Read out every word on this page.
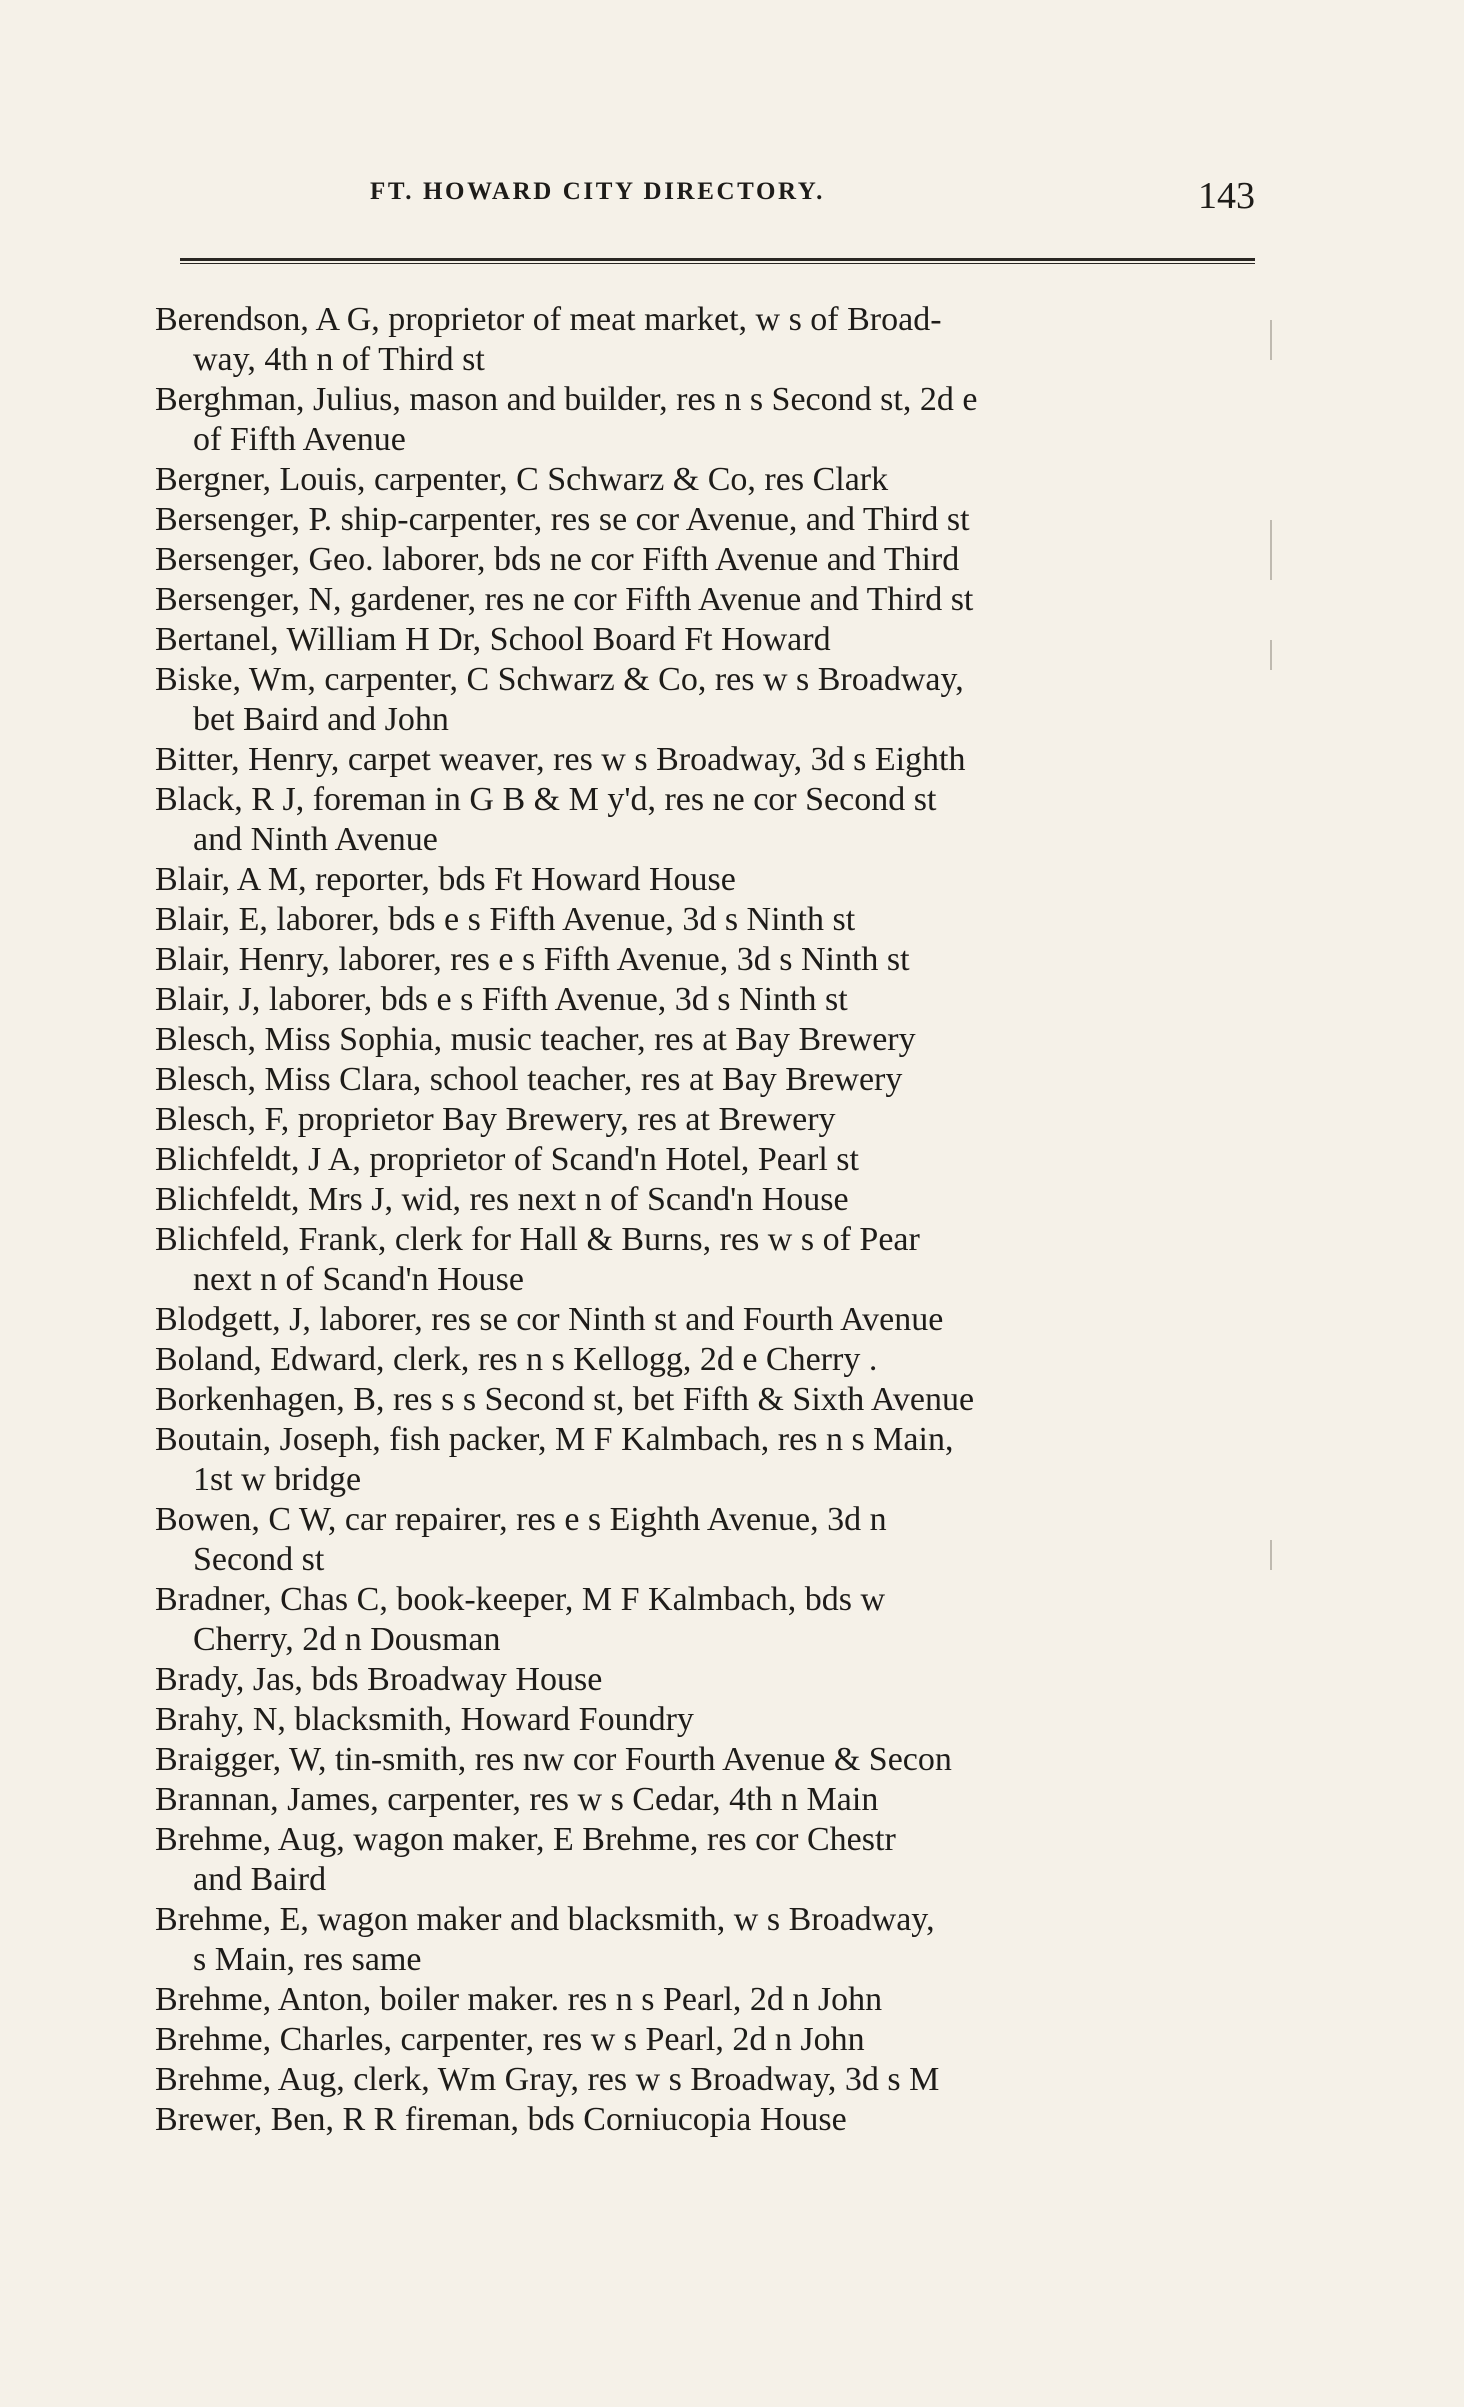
FT. HOWARD CITY DIRECTORY.	143
Berendson, A G, proprietor of meat market, w s of Broad-
way, 4th n of Third st
Berghman, Julius, mason and builder, res n s Second st, 2d e
of Fifth Avenue
Bergner, Louis, carpenter, C Schwarz & Co, res Clark
Bersenger, P. ship-carpenter, res se cor Avenue, and Third st
Bersenger, Geo. laborer, bds ne cor Fifth Avenue and Third
Bersenger, N, gardener, res ne cor Fifth Avenue and Third st
Bertanel, William H Dr, School Board Ft Howard
Biske, Wm, carpenter, C Schwarz & Co, res w s Broadway,
bet Baird and John
Bitter, Henry, carpet weaver, res w s Broadway, 3d s Eighth
Black, R J, foreman in G B & M y'd, res ne cor Second st
and Ninth Avenue
Blair, A M, reporter, bds Ft Howard House
Blair, E, laborer, bds e s Fifth Avenue, 3d s Ninth st
Blair, Henry, laborer, res e s Fifth Avenue, 3d s Ninth st
Blair, J, laborer, bds e s Fifth Avenue, 3d s Ninth st
Blesch, Miss Sophia, music teacher, res at Bay Brewery
Blesch, Miss Clara, school teacher, res at Bay Brewery
Blesch, F, proprietor Bay Brewery, res at Brewery
Blichfeldt, J A, proprietor of Scand'n Hotel, Pearl st
Blichfeldt, Mrs J, wid, res next n of Scand'n House
Blichfeld, Frank, clerk for Hall & Burns, res w s of Pear
next n of Scand'n House
Blodgett, J, laborer, res se cor Ninth st and Fourth Avenue
Boland, Edward, clerk, res n s Kellogg, 2d e Cherry .
Borkenhagen, B, res s s Second st, bet Fifth & Sixth Avenue
Boutain, Joseph, fish packer, M F Kalmbach, res n s Main,
1st w bridge
Bowen, C W, car repairer, res e s Eighth Avenue, 3d n
Second st
Bradner, Chas C, book-keeper, M F Kalmbach, bds w
Cherry, 2d n Dousman
Brady, Jas, bds Broadway House
Brahy, N, blacksmith, Howard Foundry
Braigger, W, tin-smith, res nw cor Fourth Avenue & Secon
Brannan, James, carpenter, res w s Cedar, 4th n Main
Brehme, Aug, wagon maker, E Brehme, res cor Chestr
and Baird
Brehme, E, wagon maker and blacksmith, w s Broadway,
s Main, res same
Brehme, Anton, boiler maker. res n s Pearl, 2d n John
Brehme, Charles, carpenter, res w s Pearl, 2d n John
Brehme, Aug, clerk, Wm Gray, res w s Broadway, 3d s M
Brewer, Ben, R R fireman, bds Corniucopia House
